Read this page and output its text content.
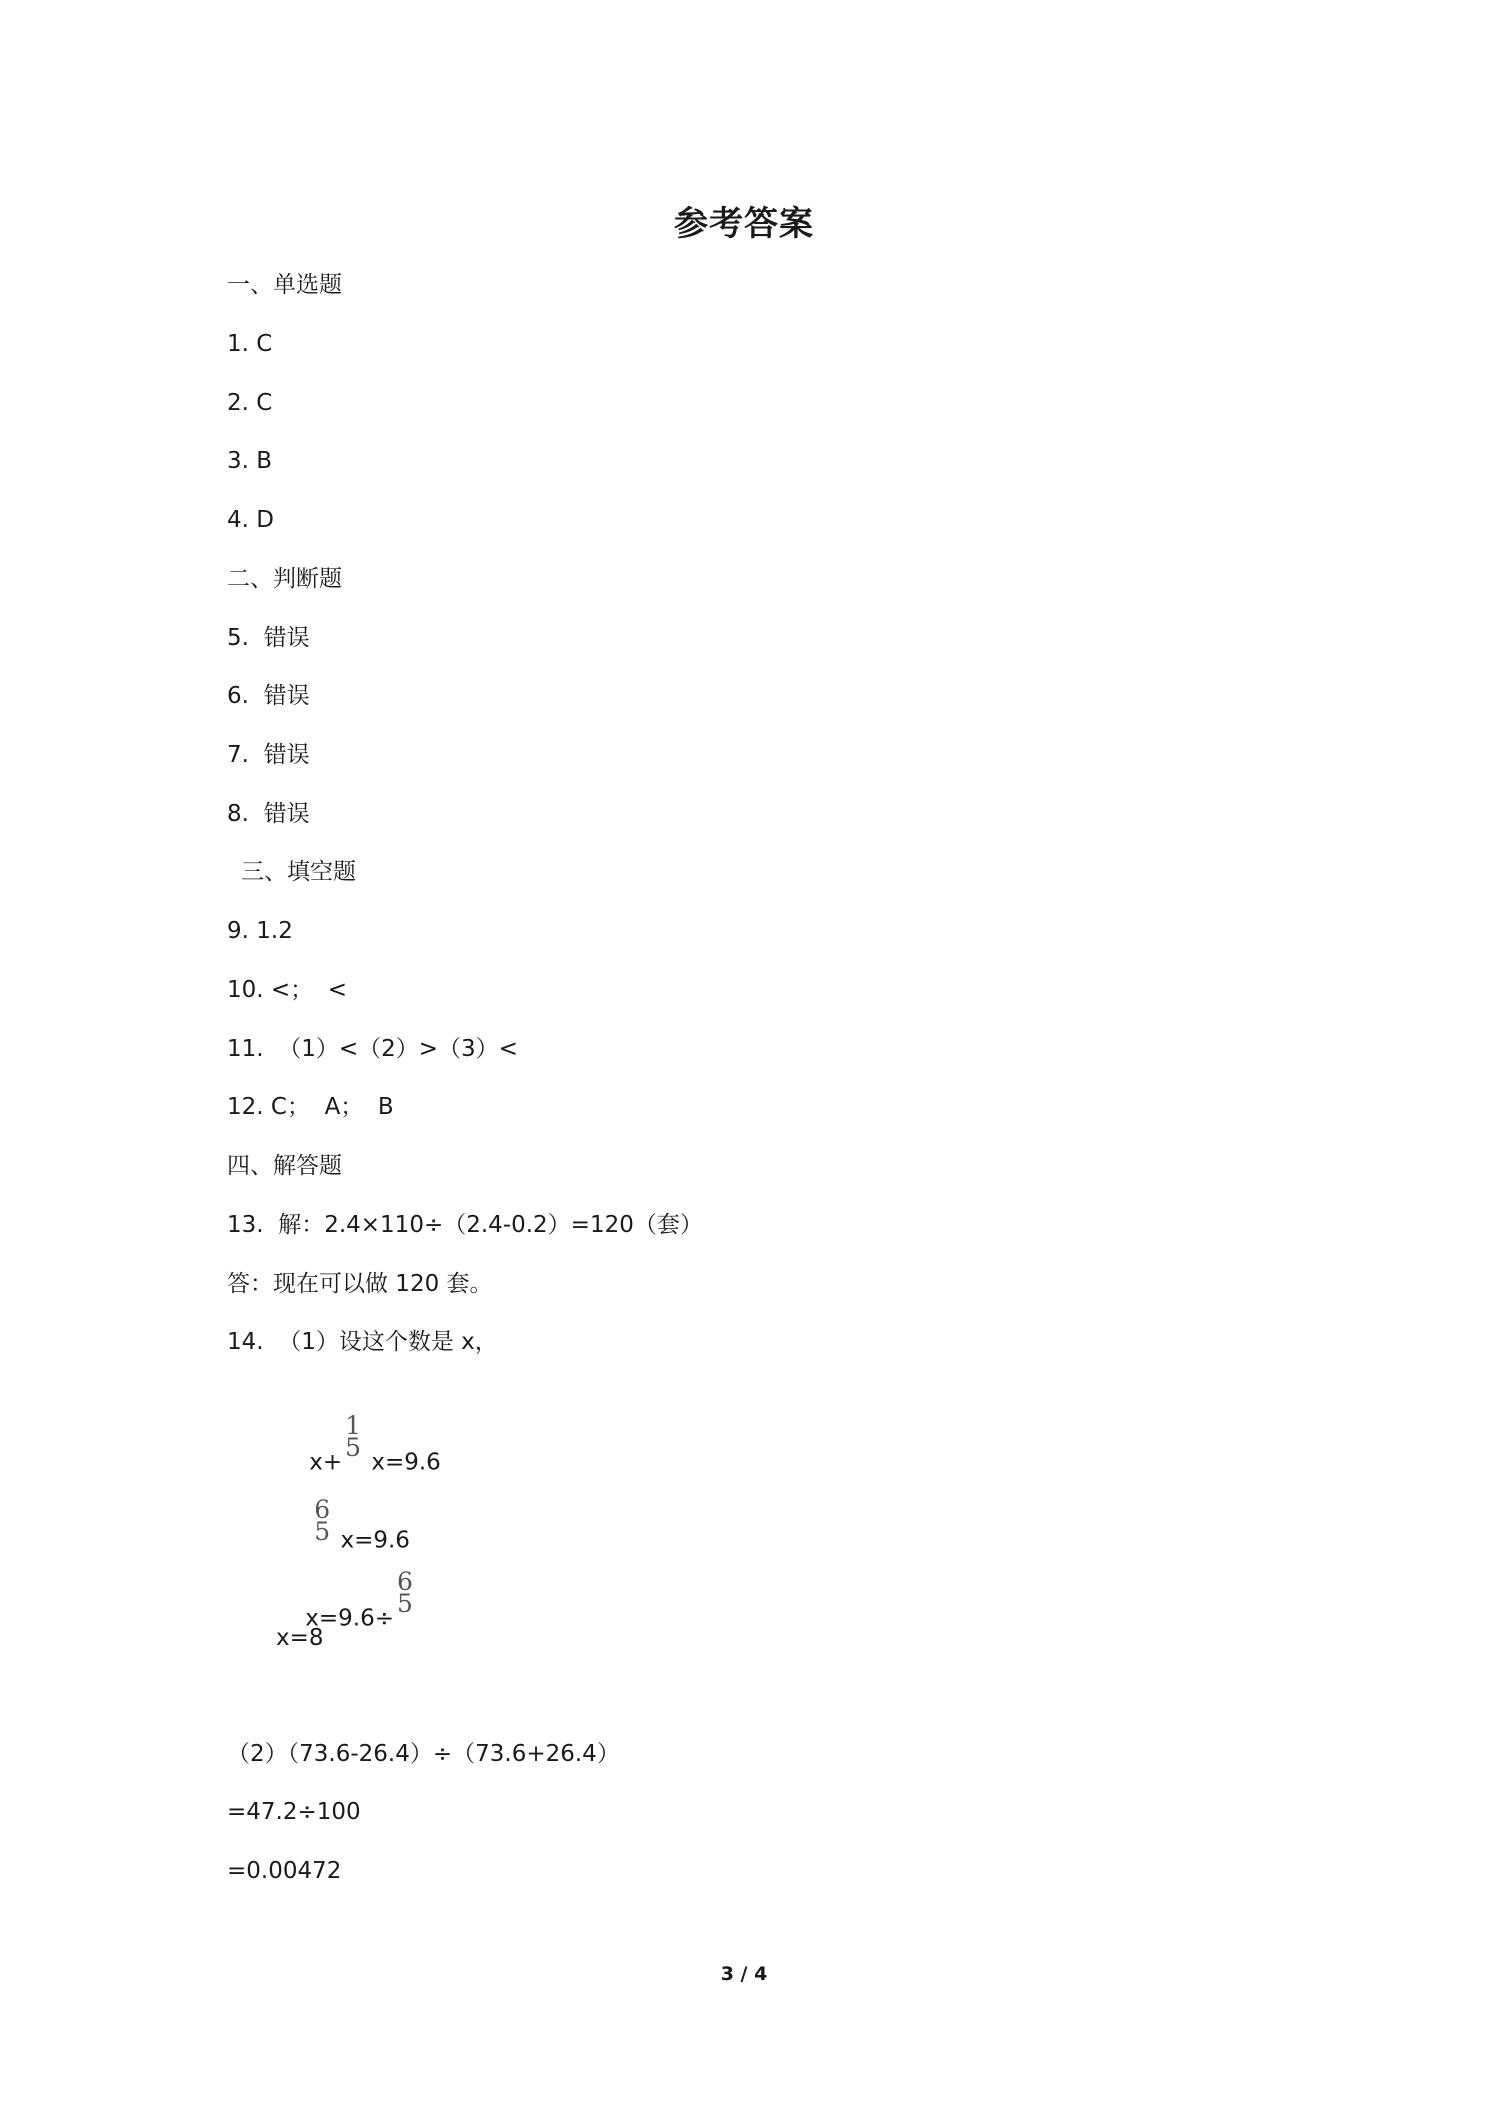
参考答案
一、单选题
1. C
2. C
3. B
4. D
二、判断题
5.  错误
6.  错误
7.  错误
8.  错误
三、填空题
9. 1.2
10. <；  <
11.  （1）<（2）>（3）<
12. C；  A；  B
四、解答题
13.  解：2.4×110÷（2.4-0.2）=120（套）
答：现在可以做 120 套。
14.  （1）设这个数是 x，

x+
1
5
x=9.6

6
5 x=9.6

x=9.6÷
6
5

x=8
（2）（73.6-26.4）÷（73.6+26.4）
=47.2÷100
=0.00472
3 / 4
